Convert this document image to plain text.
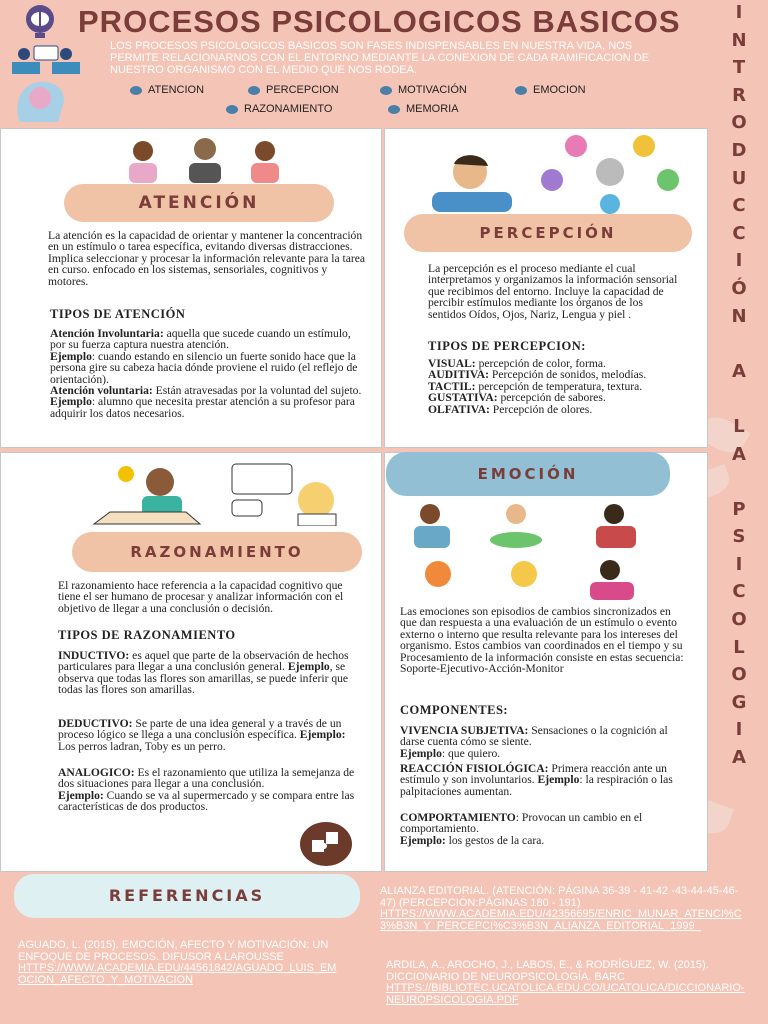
PROCESOS PSICOLOGICOS BASICOS
LOS PROCESOS PSICOLOGICOS BASICOS SON FASES INDISPENSABLES EN NUESTRA VIDA, NOS PERMITE RELACIONARNOS CON EL ENTORNO MEDIANTE LA CONEXION DE CADA RAMIFICACION DE NUESTRO ORGANISMO CON EL MEDIO QUE NOS RODEA.
ATENCION	PERCEPCION	MOTIVACIÓN	EMOCION
RAZONAMIENTO	MEMORIA
I
N
T
R
O
D
U
C
C
I
Ó
N
A
L
A
P
S
I
C
O
L
O
G
I
A
ATENCIÓN
La atención es la capacidad de orientar y mantener la concentración en un estímulo o tarea específica, evitando diversas distracciones. Implica seleccionar y procesar la información relevante para la tarea en curso. enfocado en los sistemas, sensoriales, cognitivos y motores.
TIPOS DE ATENCIÓN
Atención Involuntaria: aquella que sucede cuando un estímulo, por su fuerza captura nuestra atención.
Ejemplo: cuando estando en silencio un fuerte sonido hace que la persona gire su cabeza hacia dónde proviene el ruido (el reflejo de orientación).
Atención voluntaria: Están atravesadas por la voluntad del sujeto.
Ejemplo: alumno que necesita prestar atención a su profesor para adquirir los datos necesarios.
PERCEPCIÓN
La percepción es el proceso mediante el cual interpretamos y organizamos la información sensorial que recibimos del entorno. Incluye la capacidad de percibir estímulos mediante los órganos de los sentidos Oídos, Ojos, Nariz, Lengua y piel .
TIPOS DE PERCEPCION:
VISUAL: percepción de color, forma.
AUDITIVA: Percepción de sonidos, melodías.
TACTIL: percepción de temperatura, textura.
GUSTATIVA: percepción de sabores.
OLFATIVA: Percepción de olores.
RAZONAMIENTO
El razonamiento hace referencia a la capacidad cognitivo que tiene el ser humano de procesar y analizar información con el objetivo de llegar a una conclusión o decisión.
TIPOS DE RAZONAMIENTO
INDUCTIVO: es aquel que parte de la observación de hechos particulares para llegar a una conclusión general. Ejemplo, se observa que todas las flores son amarillas, se puede inferir que todas las flores son amarillas.
DEDUCTIVO: Se parte de una idea general y a través de un proceso lógico se llega a una conclusión específica. Ejemplo: Los perros ladran, Toby es un perro.
ANALOGICO: Es el razonamiento que utiliza la semejanza de dos situaciones para llegar a una conclusión.
Ejemplo: Cuando se va al supermercado y se compara entre las características de dos productos.
EMOCIÓN
Las emociones son episodios de cambios sincronizados en que dan respuesta a una evaluación de un estímulo o evento externo o interno que resulta relevante para los intereses del organismo. Estos cambios van coordinados en el tiempo y su Procesamiento de la información consiste en estas secuencia: Soporte-Ejecutivo-Acción-Monitor
COMPONENTES:
VIVENCIA SUBJETIVA: Sensaciones o la cognición al darse cuenta cómo se siente.
Ejemplo: que quiero.
REACCIÓN FISIOLÓGICA: Primera reacción ante un estímulo y son involuntarios. Ejemplo: la respiración o las palpitaciones aumentan.
COMPORTAMIENTO: Provocan un cambio en el comportamiento.
Ejemplo: los gestos de la cara.
REFERENCIAS
AGUADO, L. (2015). EMOCIÓN, AFECTO Y MOTIVACIÓN: UN ENFOQUE DE PROCESOS. DIFUSOR A LAROUSSE
HTTPS://WWW.ACADEMIA.EDU/44561842/AGUADO_LUIS_EMOCION_AFECTO_Y_MOTIVACION
ALIANZA EDITORIAL. (ATENCIÓN: PÁGINA 36-39 - 41-42 -43-44-45-46-47) (PERCEPCIÓN:PÁGINAS 180 - 191)
HTTPS://WWW.ACADEMIA.EDU/42356695/ENRIC_MUNAR_ATENCI%C3%B3N_Y_PERCEPCI%C3%B3N_ALIANZA_EDITORIAL_1999_
ARDILA, A., AROCHO, J., LABOS, E., & RODRÍGUEZ, W. (2015). DICCIONARIO DE NEUROPSICOLOGÍA. BARC
HTTPS://BIBLIOTEC.UCATOLICA.EDU.CO/UCATOLICA/DICCIONARIO-NEUROPSICOLOGIA.PDF
